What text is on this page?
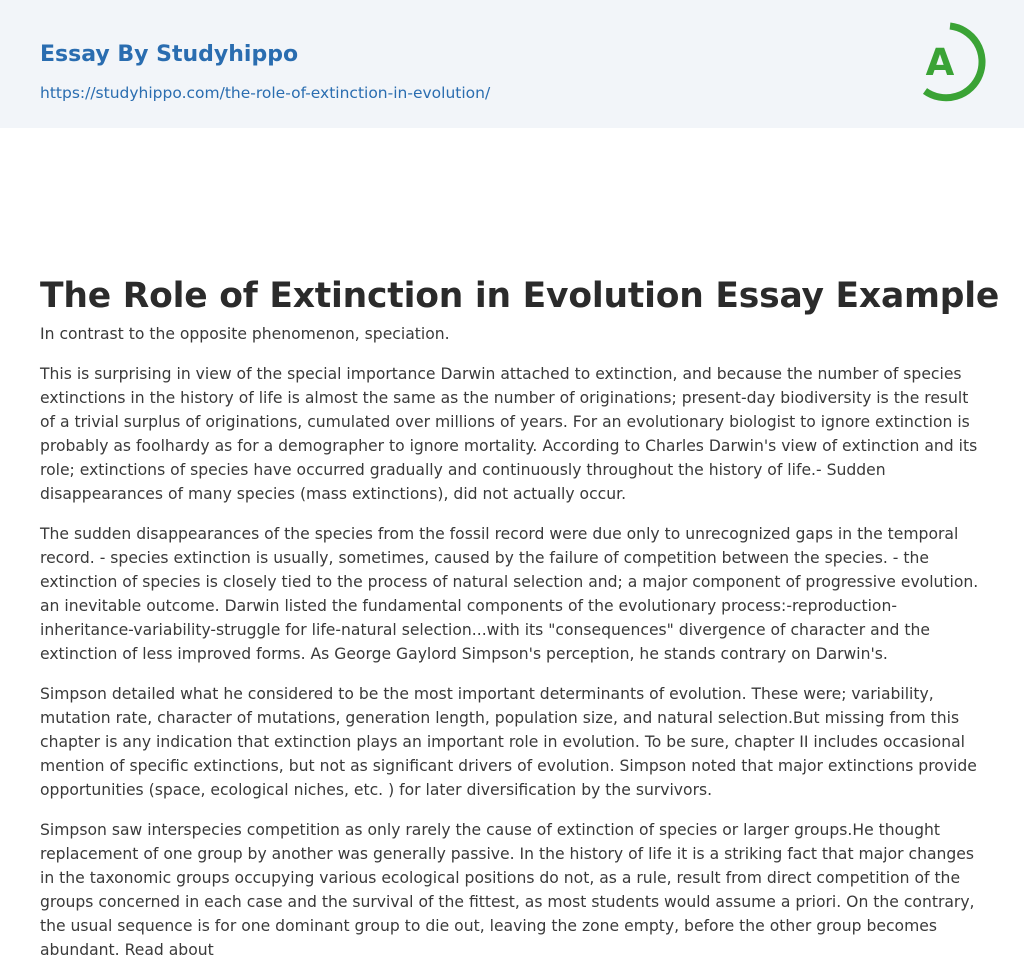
Essay By Studyhippo
https://studyhippo.com/the-role-of-extinction-in-evolution/
A
The Role of Extinction in Evolution Essay Example

In contrast to the opposite phenomenon, speciation.

This is surprising in view of the special importance Darwin attached to extinction, and because the number of species extinctions in the history of life is almost the same as the number of originations; present-day biodiversity is the result of a trivial surplus of originations, cumulated over millions of years. For an evolutionary biologist to ignore extinction is probably as foolhardy as for a demographer to ignore mortality. According to Charles Darwin's view of extinction and its role; extinctions of species have occurred gradually and continuously throughout the history of life.- Sudden disappearances of many species (mass extinctions), did not actually occur.

The sudden disappearances of the species from the fossil record were due only to unrecognized gaps in the temporal record. - species extinction is usually, sometimes, caused by the failure of competition between the species. - the extinction of species is closely tied to the process of natural selection and; a major component of progressive evolution. an inevitable outcome. Darwin listed the fundamental components of the evolutionary process:-reproduction-inheritance-variability-struggle for life-natural selection...with its "consequences" divergence of character and the extinction of less improved forms. As George Gaylord Simpson's perception, he stands contrary on Darwin's.

Simpson detailed what he considered to be the most important determinants of evolution. These were; variability, mutation rate, character of mutations, generation length, population size, and natural selection.But missing from this chapter is any indication that extinction plays an important role in evolution. To be sure, chapter II includes occasional mention of specific extinctions, but not as significant drivers of evolution. Simpson noted that major extinctions provide opportunities (space, ecological niches, etc. ) for later diversification by the survivors.

Simpson saw interspecies competition as only rarely the cause of extinction of species or larger groups.He thought replacement of one group by another was generally passive. In the history of life it is a striking fact that major changes in the taxonomic groups occupying various ecological positions do not, as a rule, result from direct competition of the groups concerned in each case and the survival of the fittest, as most students would assume a priori. On the contrary, the usual sequence is for one dominant group to die out, leaving the zone empty, before the other group becomes abundant. Read about
